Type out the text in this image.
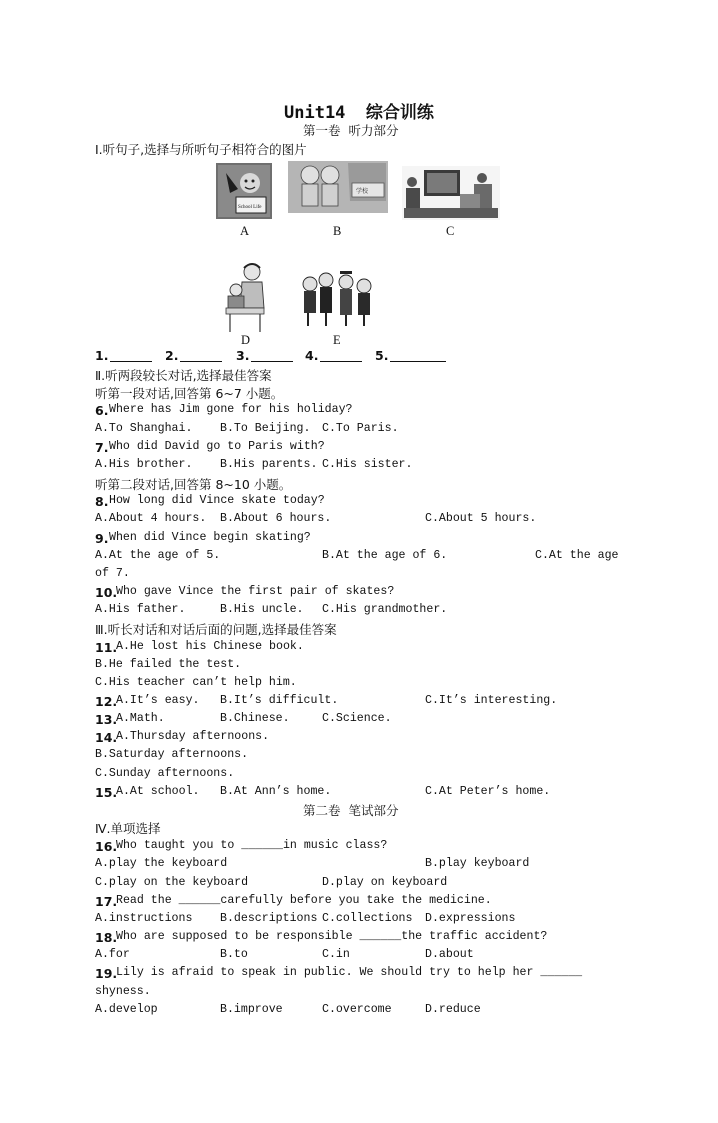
Unit14  综合训练
第一卷  听力部分
Ⅰ.听句子,选择与所听句子相符合的图片
School Life
学校
A	B	C
D	E
1.	2.	3.	4.	5.
Ⅱ.听两段较长对话,选择最佳答案
听第一段对话,回答第 6~7 小题。
6. Where has Jim gone for his holiday?
A.To Shanghai. B.To Beijing. C.To Paris.
7. Who did David go to Paris with?
A.His brother. B.His parents. C.His sister.
听第二段对话,回答第 8~10 小题。
8. How long did Vince skate today?
A.About 4 hours. B.About 6 hours.	C.About 5 hours.
9. When did Vince begin skating?
A.At the age of 5.	B.At the age of 6.	C.At the age
of 7.
10.
Who gave Vince the first pair of skates?
A.His father.	B.His uncle. C.His grandmother.
Ⅲ.听长对话和对话后面的问题,选择最佳答案
11.
A.He lost his Chinese book.
B.He failed the test.
C.His teacher can’t help him.
12.
A.It’s easy. B.It’s difficult.	C.It’s interesting.
13.
A.Math.	B.Chinese.	C.Science.
14.
A.Thursday afternoons.
B.Saturday afternoons.
C.Sunday afternoons.
15.
A.At school. B.At Ann’s home.	C.At Peter’s home.
第二卷  笔试部分
Ⅳ.单项选择
16.
Who taught you to ______in music class?
A.play the keyboard	B.play keyboard
C.play on the keyboard	D.play on keyboard
17.
Read the ______carefully before you take the medicine.
A.instructions B.descriptions C.collections D.expressions
18.
Who are supposed to be responsible ______the traffic accident?
A.for	B.to	C.in	D.about
19.
Lily is afraid to speak in public. We should try to help her ______
shyness.
A.develop	B.improve	C.overcome	D.reduce
